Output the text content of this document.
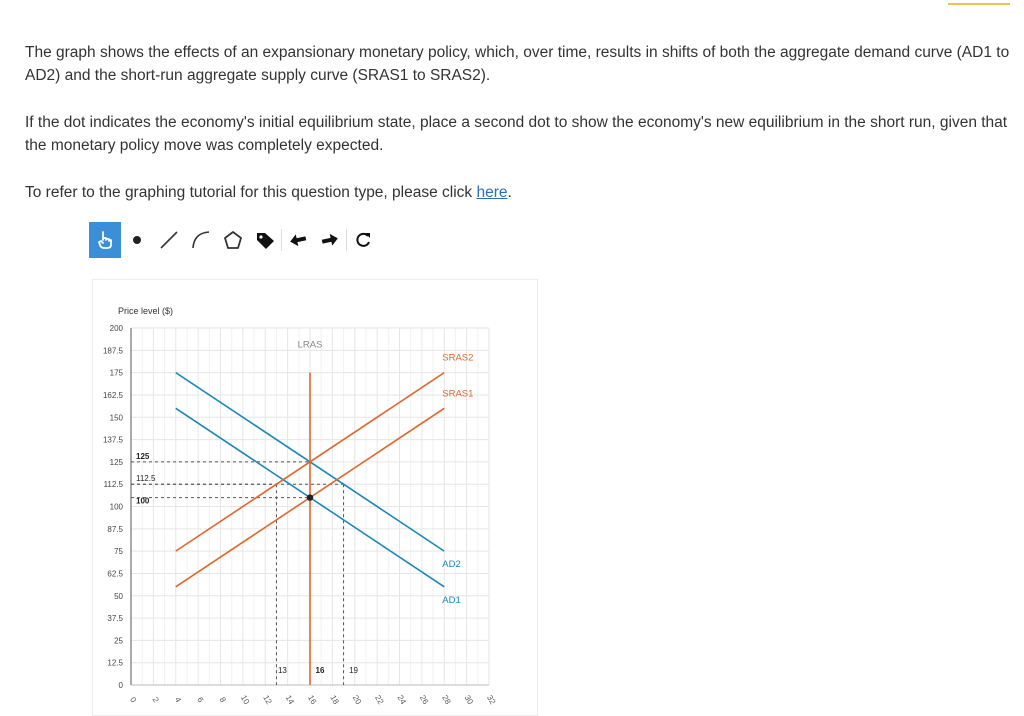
The graph shows the effects of an expansionary monetary policy, which, over time, results in shifts of both the aggregate demand curve (AD1 to AD2) and the short-run aggregate supply curve (SRAS1 to SRAS2).

If the dot indicates the economy's initial equilibrium state, place a second dot to show the economy's new equilibrium in the short run, given that the monetary policy move was completely expected.

To refer to the graphing tutorial for this question type, please click here.

0 2 4 6 8 10 12 14 16 18 20 22 24 26 28 30 32
0
12.5
25
37.5
50
62.5
75
87.5
100
112.5
125
137.5
150
162.5
175
187.5
200
125
112.5
100
13	16	19
LRAS
SRAS2
SRAS1
AD2
AD1
Price level ($)
